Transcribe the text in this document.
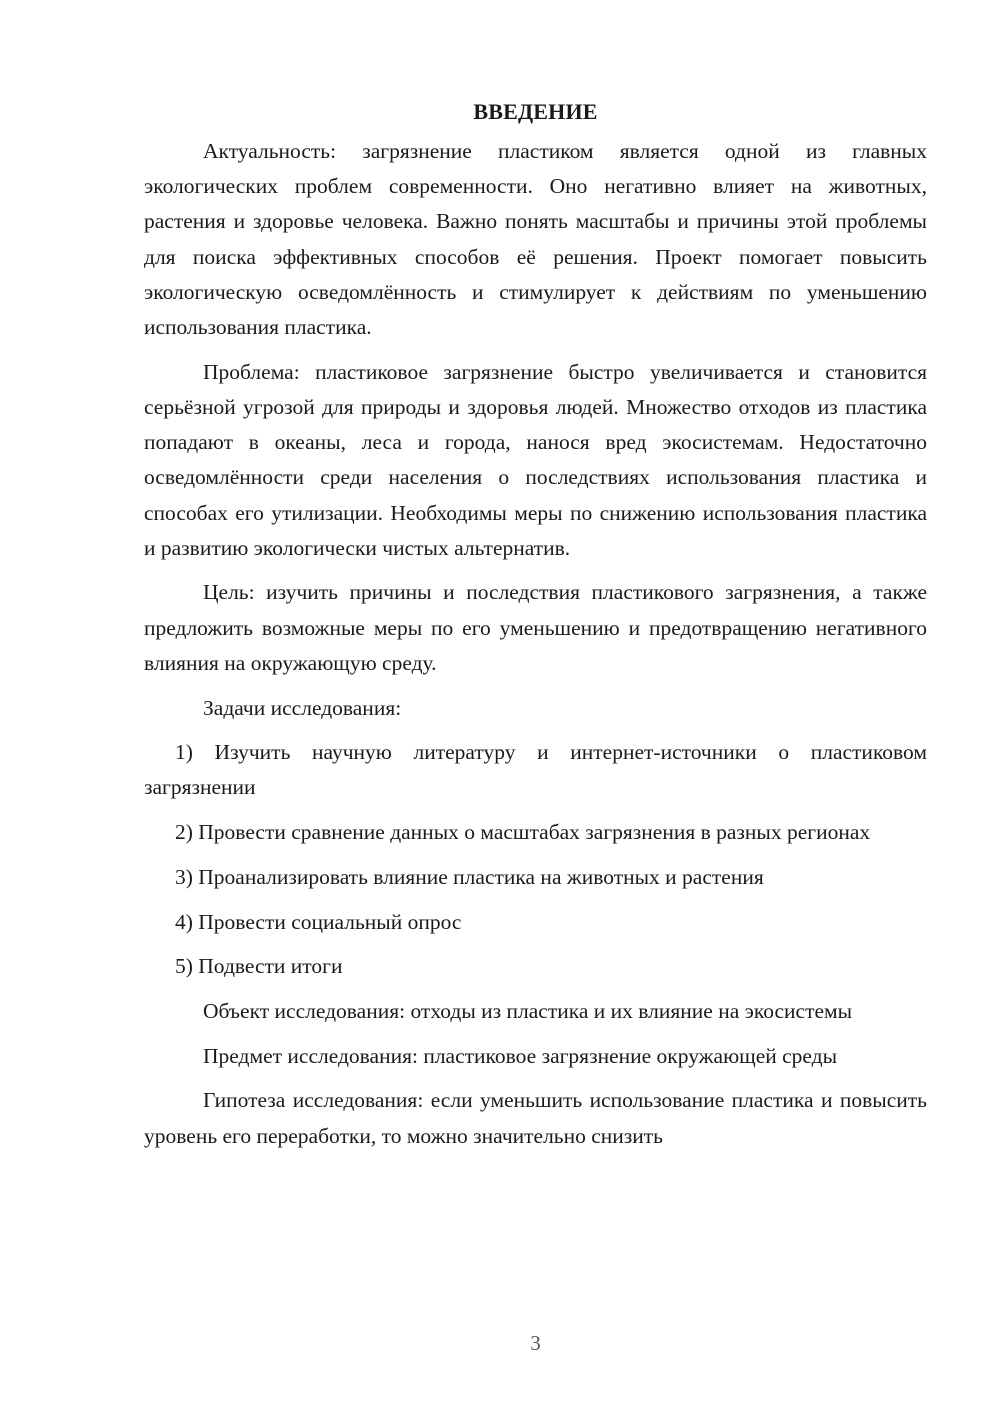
ВВЕДЕНИЕ

Актуальность: загрязнение пластиком является одной из главных экологических проблем современности. Оно негативно влияет на животных, растения и здоровье человека. Важно понять масштабы и причины этой проблемы для поиска эффективных способов её решения. Проект помогает повысить экологическую осведомлённость и стимулирует к действиям по уменьшению использования пластика.

Проблема: пластиковое загрязнение быстро увеличивается и становится серьёзной угрозой для природы и здоровья людей. Множество отходов из пластика попадают в океаны, леса и города, нанося вред экосистемам. Недостаточно осведомлённости среди населения о последствиях использования пластика и способах его утилизации. Необходимы меры по снижению использования пластика и развитию экологически чистых альтернатив.

Цель: изучить причины и последствия пластикового загрязнения, а также предложить возможные меры по его уменьшению и предотвращению негативного влияния на окружающую среду.

Задачи исследования:

1) Изучить научную литературу и интернет-источники о пластиковом загрязнении

2) Провести сравнение данных о масштабах загрязнения в разных регионах

3) Проанализировать влияние пластика на животных и растения

4) Провести социальный опрос

5) Подвести итоги

Объект исследования: отходы из пластика и их влияние на экосистемы

Предмет исследования: пластиковое загрязнение окружающей среды

Гипотеза исследования: если уменьшить использование пластика и повысить уровень его переработки, то можно значительно снизить

3
